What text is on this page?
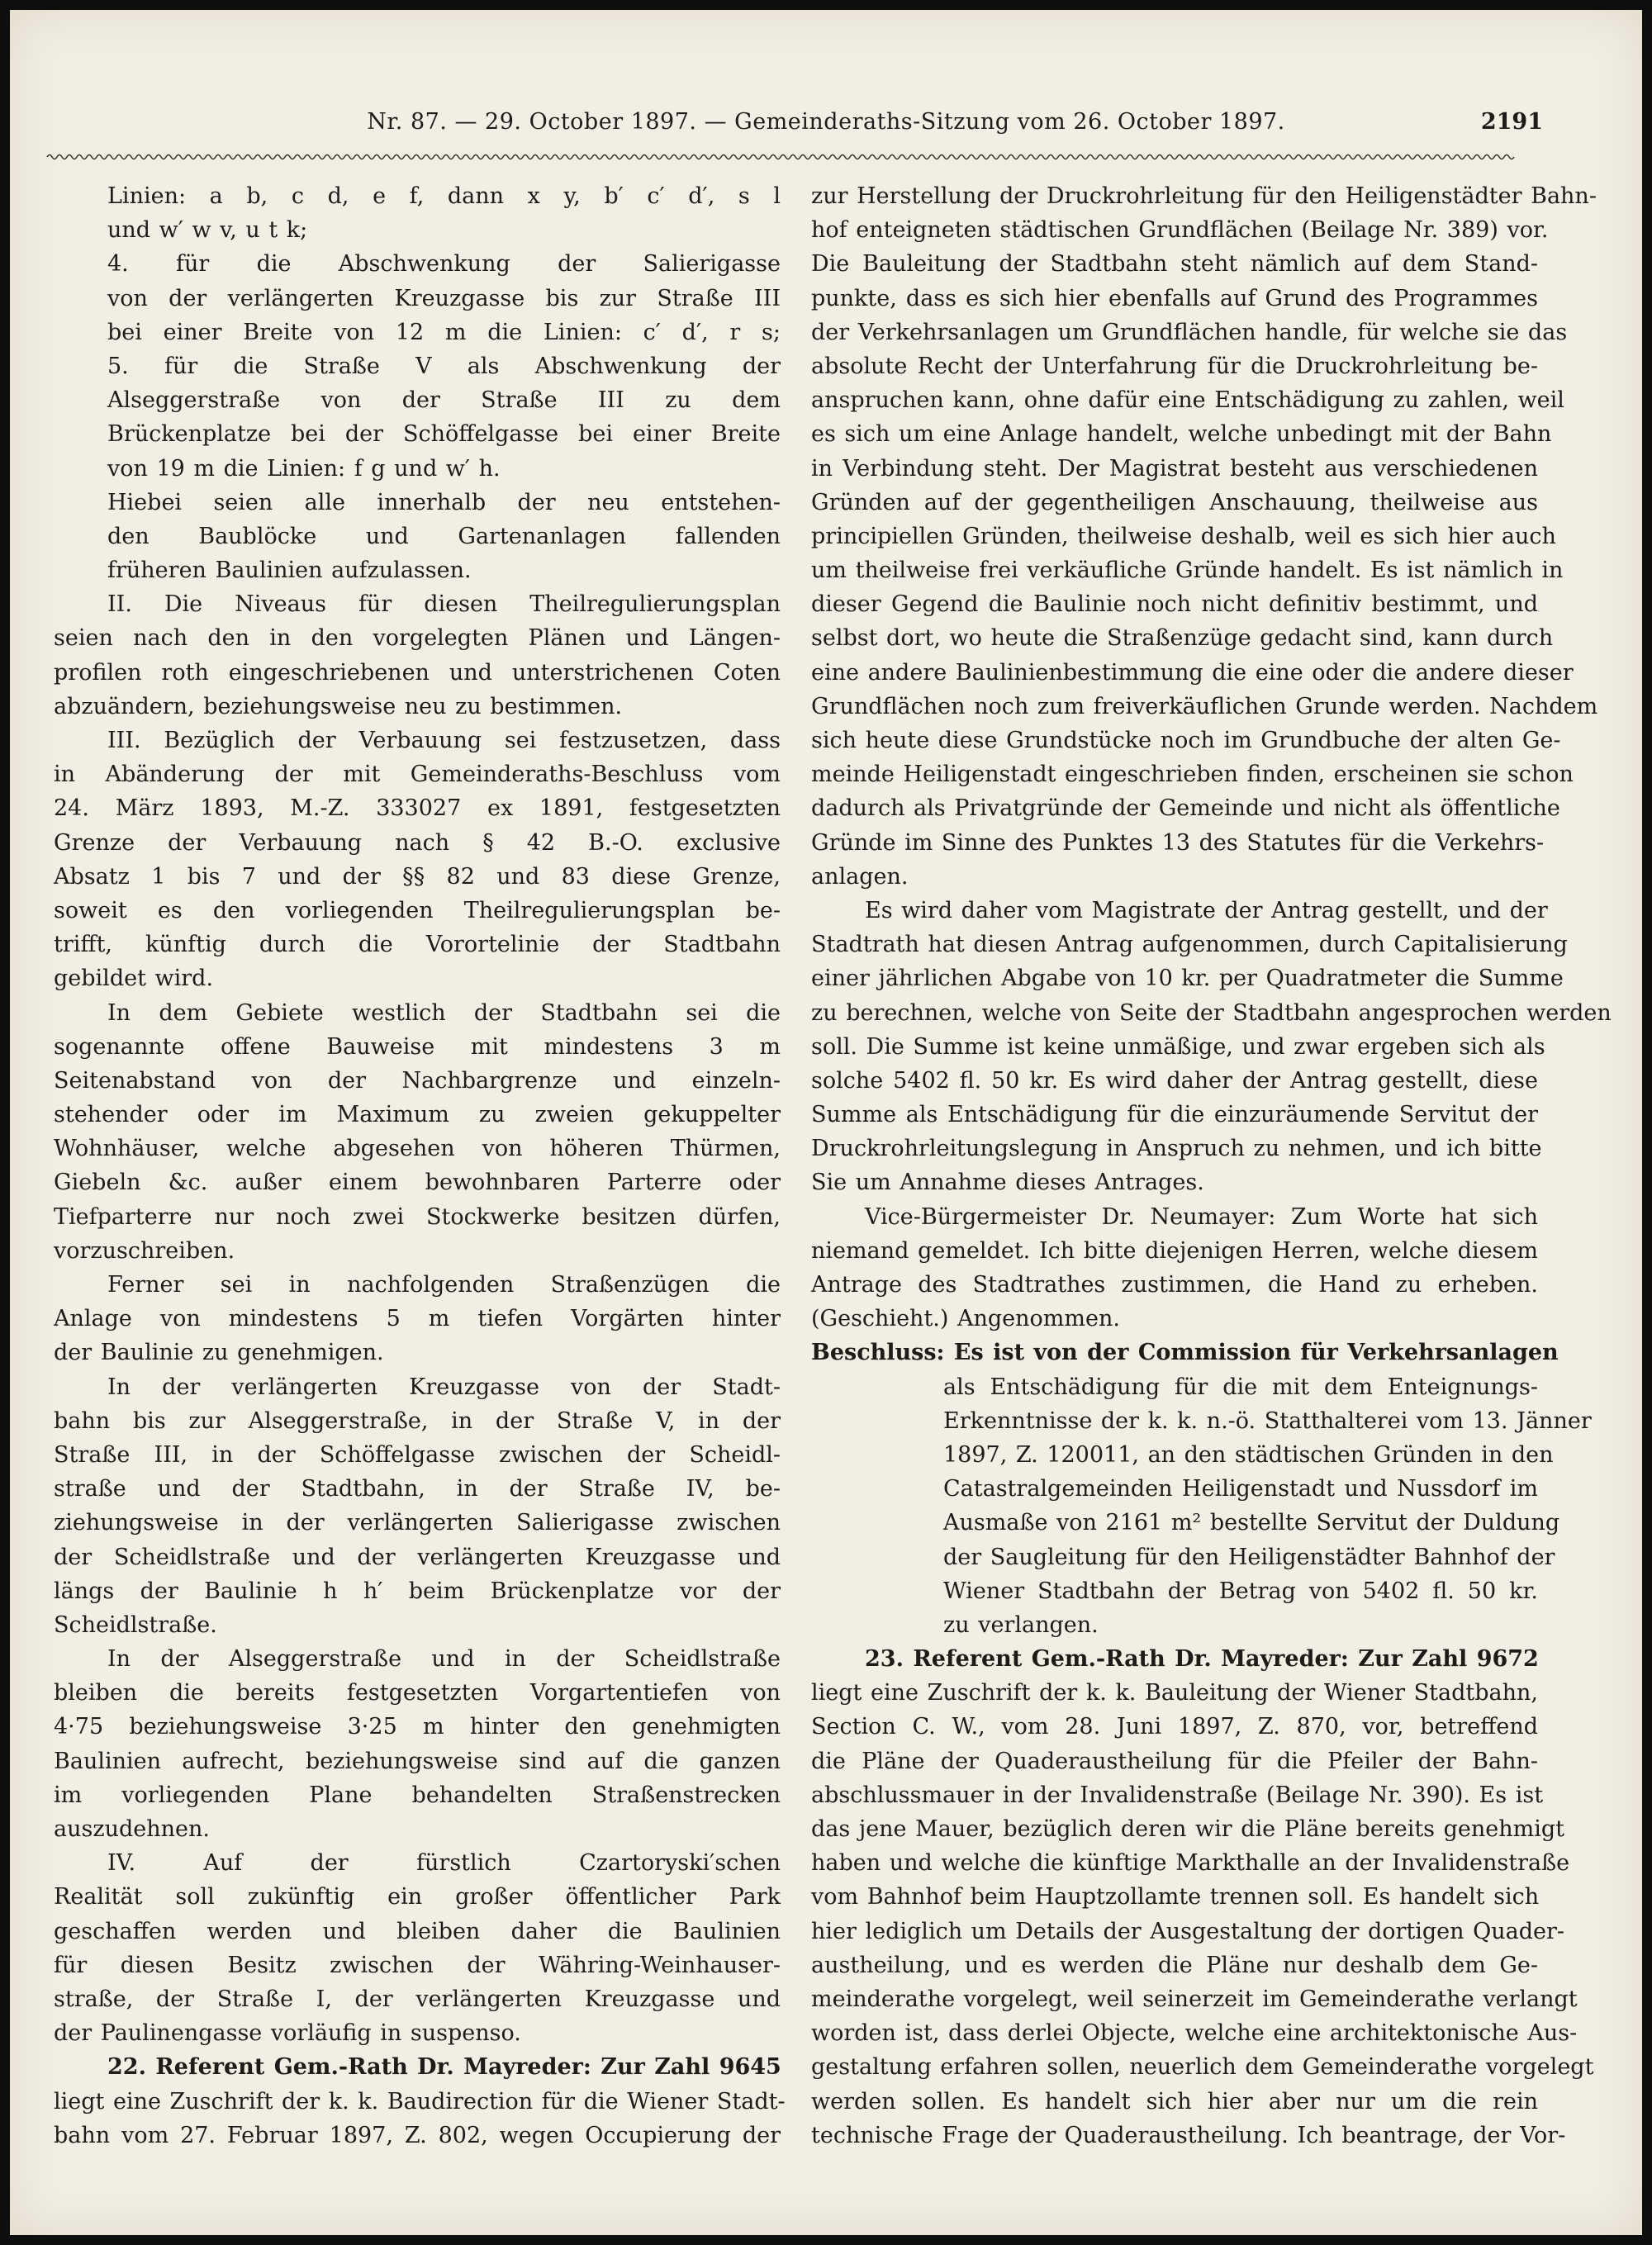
Nr. 87. — 29. October 1897. — Gemeinderaths-Sitzung vom 26. October 1897.	2191
Linien: a b, c d, e f, dann x y, b′ c′ d′, s l
und w′ w v, u t k;
4. für die Abschwenkung der Salierigasse
von der verlängerten Kreuzgasse bis zur Straße III
bei einer Breite von 12 m die Linien: c′ d′, r s;
5. für die Straße V als Abschwenkung der
Alseggerstraße von der Straße III zu dem
Brückenplatze bei der Schöffelgasse bei einer Breite
von 19 m die Linien: f g und w′ h.
Hiebei seien alle innerhalb der neu entstehen-
den Baublöcke und Gartenanlagen fallenden
früheren Baulinien aufzulassen.
II. Die Niveaus für diesen Theilregulierungsplan
seien nach den in den vorgelegten Plänen und Längen-
profilen roth eingeschriebenen und unterstrichenen Coten
abzuändern, beziehungsweise neu zu bestimmen.
III. Bezüglich der Verbauung sei festzusetzen, dass
in Abänderung der mit Gemeinderaths-Beschluss vom
24. März 1893, M.-Z. 333027 ex 1891, festgesetzten
Grenze der Verbauung nach § 42 B.-O. exclusive
Absatz 1 bis 7 und der §§ 82 und 83 diese Grenze,
soweit es den vorliegenden Theilregulierungsplan be-
trifft, künftig durch die Vorortelinie der Stadtbahn
gebildet wird.
In dem Gebiete westlich der Stadtbahn sei die
sogenannte offene Bauweise mit mindestens 3 m
Seitenabstand von der Nachbargrenze und einzeln-
stehender oder im Maximum zu zweien gekuppelter
Wohnhäuser, welche abgesehen von höheren Thürmen,
Giebeln &c. außer einem bewohnbaren Parterre oder
Tiefparterre nur noch zwei Stockwerke besitzen dürfen,
vorzuschreiben.
Ferner sei in nachfolgenden Straßenzügen die
Anlage von mindestens 5 m tiefen Vorgärten hinter
der Baulinie zu genehmigen.
In der verlängerten Kreuzgasse von der Stadt-
bahn bis zur Alseggerstraße, in der Straße V, in der
Straße III, in der Schöffelgasse zwischen der Scheidl-
straße und der Stadtbahn, in der Straße IV, be-
ziehungsweise in der verlängerten Salierigasse zwischen
der Scheidlstraße und der verlängerten Kreuzgasse und
längs der Baulinie h h′ beim Brückenplatze vor der
Scheidlstraße.
In der Alseggerstraße und in der Scheidlstraße
bleiben die bereits festgesetzten Vorgartentiefen von
4·75 beziehungsweise 3·25 m hinter den genehmigten
Baulinien aufrecht, beziehungsweise sind auf die ganzen
im vorliegenden Plane behandelten Straßenstrecken
auszudehnen.
IV. Auf der fürstlich Czartoryski′schen
Realität soll zukünftig ein großer öffentlicher Park
geschaffen werden und bleiben daher die Baulinien
für diesen Besitz zwischen der Währing-Weinhauser-
straße, der Straße I, der verlängerten Kreuzgasse und
der Paulinengasse vorläufig in suspenso.
22. Referent Gem.-Rath Dr. Mayreder: Zur Zahl 9645
liegt eine Zuschrift der k. k. Baudirection für die Wiener Stadt-
bahn vom 27. Februar 1897, Z. 802, wegen Occupierung der
zur Herstellung der Druckrohrleitung für den Heiligenstädter Bahn-
hof enteigneten städtischen Grundflächen (Beilage Nr. 389) vor.
Die Bauleitung der Stadtbahn steht nämlich auf dem Stand-
punkte, dass es sich hier ebenfalls auf Grund des Programmes
der Verkehrsanlagen um Grundflächen handle, für welche sie das
absolute Recht der Unterfahrung für die Druckrohrleitung be-
anspruchen kann, ohne dafür eine Entschädigung zu zahlen, weil
es sich um eine Anlage handelt, welche unbedingt mit der Bahn
in Verbindung steht. Der Magistrat besteht aus verschiedenen
Gründen auf der gegentheiligen Anschauung, theilweise aus
principiellen Gründen, theilweise deshalb, weil es sich hier auch
um theilweise frei verkäufliche Gründe handelt. Es ist nämlich in
dieser Gegend die Baulinie noch nicht definitiv bestimmt, und
selbst dort, wo heute die Straßenzüge gedacht sind, kann durch
eine andere Baulinienbestimmung die eine oder die andere dieser
Grundflächen noch zum freiverkäuflichen Grunde werden. Nachdem
sich heute diese Grundstücke noch im Grundbuche der alten Ge-
meinde Heiligenstadt eingeschrieben finden, erscheinen sie schon
dadurch als Privatgründe der Gemeinde und nicht als öffentliche
Gründe im Sinne des Punktes 13 des Statutes für die Verkehrs-
anlagen.
Es wird daher vom Magistrate der Antrag gestellt, und der
Stadtrath hat diesen Antrag aufgenommen, durch Capitalisierung
einer jährlichen Abgabe von 10 kr. per Quadratmeter die Summe
zu berechnen, welche von Seite der Stadtbahn angesprochen werden
soll. Die Summe ist keine unmäßige, und zwar ergeben sich als
solche 5402 fl. 50 kr. Es wird daher der Antrag gestellt, diese
Summe als Entschädigung für die einzuräumende Servitut der
Druckrohrleitungslegung in Anspruch zu nehmen, und ich bitte
Sie um Annahme dieses Antrages.
Vice-Bürgermeister Dr. Neumayer: Zum Worte hat sich
niemand gemeldet. Ich bitte diejenigen Herren, welche diesem
Antrage des Stadtrathes zustimmen, die Hand zu erheben.
(Geschieht.) Angenommen.
Beschluss: Es ist von der Commission für Verkehrsanlagen
als Entschädigung für die mit dem Enteignungs-
Erkenntnisse der k. k. n.-ö. Statthalterei vom 13. Jänner
1897, Z. 120011, an den städtischen Gründen in den
Catastralgemeinden Heiligenstadt und Nussdorf im
Ausmaße von 2161 m² bestellte Servitut der Duldung
der Saugleitung für den Heiligenstädter Bahnhof der
Wiener Stadtbahn der Betrag von 5402 fl. 50 kr.
zu verlangen.
23. Referent Gem.-Rath Dr. Mayreder: Zur Zahl 9672
liegt eine Zuschrift der k. k. Bauleitung der Wiener Stadtbahn,
Section C. W., vom 28. Juni 1897, Z. 870, vor, betreffend
die Pläne der Quaderaustheilung für die Pfeiler der Bahn-
abschlussmauer in der Invalidenstraße (Beilage Nr. 390). Es ist
das jene Mauer, bezüglich deren wir die Pläne bereits genehmigt
haben und welche die künftige Markthalle an der Invalidenstraße
vom Bahnhof beim Hauptzollamte trennen soll. Es handelt sich
hier lediglich um Details der Ausgestaltung der dortigen Quader-
austheilung, und es werden die Pläne nur deshalb dem Ge-
meinderathe vorgelegt, weil seinerzeit im Gemeinderathe verlangt
worden ist, dass derlei Objecte, welche eine architektonische Aus-
gestaltung erfahren sollen, neuerlich dem Gemeinderathe vorgelegt
werden sollen. Es handelt sich hier aber nur um die rein
technische Frage der Quaderaustheilung. Ich beantrage, der Vor-
